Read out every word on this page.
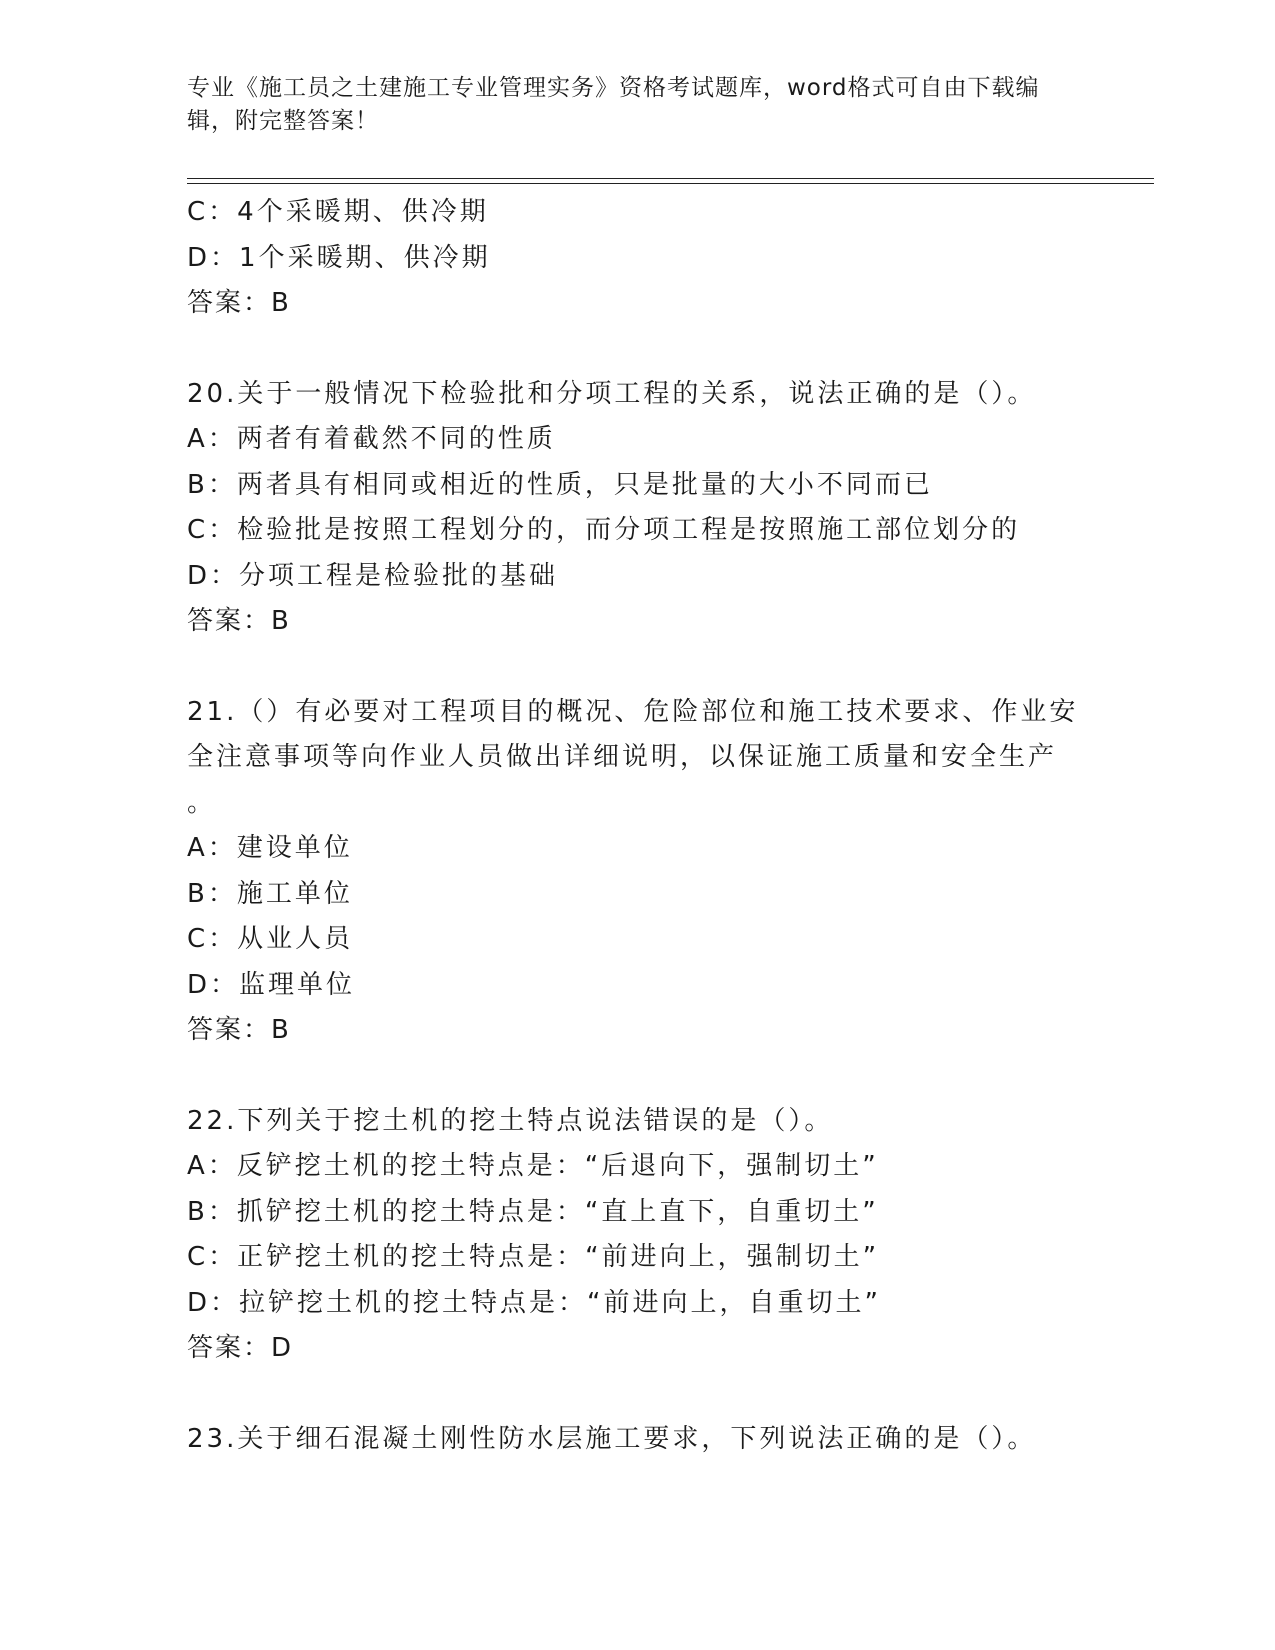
专业《施工员之土建施工专业管理实务》资格考试题库，word格式可自由下载编辑，附完整答案！
C：4个采暖期、供冷期
D：1个采暖期、供冷期
答案：B
20.关于一般情况下检验批和分项工程的关系，说法正确的是（）。
A：两者有着截然不同的性质
B：两者具有相同或相近的性质，只是批量的大小不同而已
C：检验批是按照工程划分的，而分项工程是按照施工部位划分的
D：分项工程是检验批的基础
答案：B
21.（）有必要对工程项目的概况、危险部位和施工技术要求、作业安
全注意事项等向作业人员做出详细说明，以保证施工质量和安全生产
。
A：建设单位
B：施工单位
C：从业人员
D：监理单位
答案：B
22.下列关于挖土机的挖土特点说法错误的是（）。
A：反铲挖土机的挖土特点是：“后退向下，强制切土”
B：抓铲挖土机的挖土特点是：“直上直下，自重切土”
C：正铲挖土机的挖土特点是：“前进向上，强制切土”
D：拉铲挖土机的挖土特点是：“前进向上，自重切土”
答案：D
23.关于细石混凝土刚性防水层施工要求，下列说法正确的是（）。
